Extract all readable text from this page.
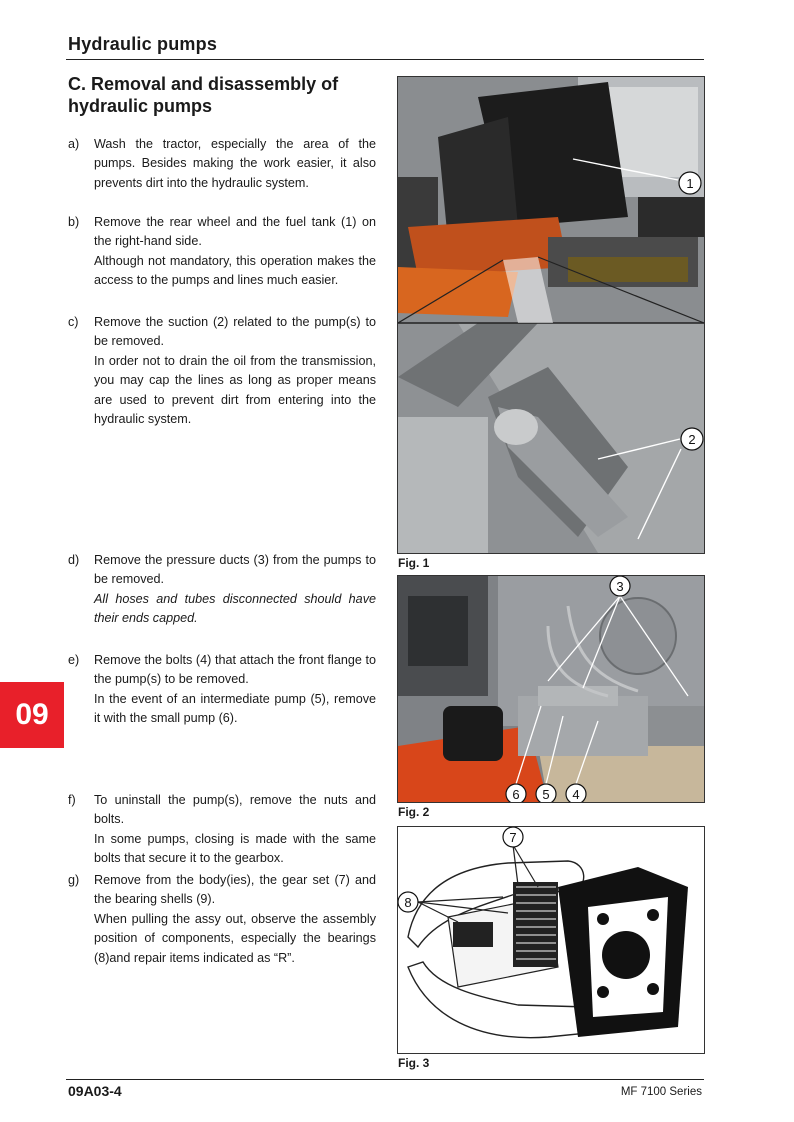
Hydraulic pumps
C. Removal and disassembly of hydraulic pumps
a) Wash the tractor, especially the area of the pumps. Besides making the work easier, it also prevents dirt into the hydraulic system.

b) Remove the rear wheel and the fuel tank (1) on the right-hand side.

Although not mandatory, this operation makes the access to the pumps and lines much easier.

c) Remove the suction (2) related to the pump(s) to be removed.

In order not to drain the oil from the transmission, you may cap the lines as long as proper means are used to prevent dirt from entering into the hydraulic system.

d) Remove the pressure ducts (3) from the pumps to be removed.

All hoses and tubes disconnected should have their ends capped.

e) Remove the bolts (4) that attach the front flange to the pump(s) to be removed.

In the event of an intermediate pump (5), remove it with the small pump (6).

f) To uninstall the pump(s), remove the nuts and bolts.

In some pumps, closing is made with the same bolts that secure it to the gearbox.

g) Remove from the body(ies), the gear set (7) and the bearing shells (9).

When pulling the assy out, observe the assembly position of components, especially the bearings (8)and repair items indicated as “R”.

09
1
2
Fig. 1
3
6 5 4
Fig. 2
7
8
Fig. 3
09A03-4	MF 7100 Series
